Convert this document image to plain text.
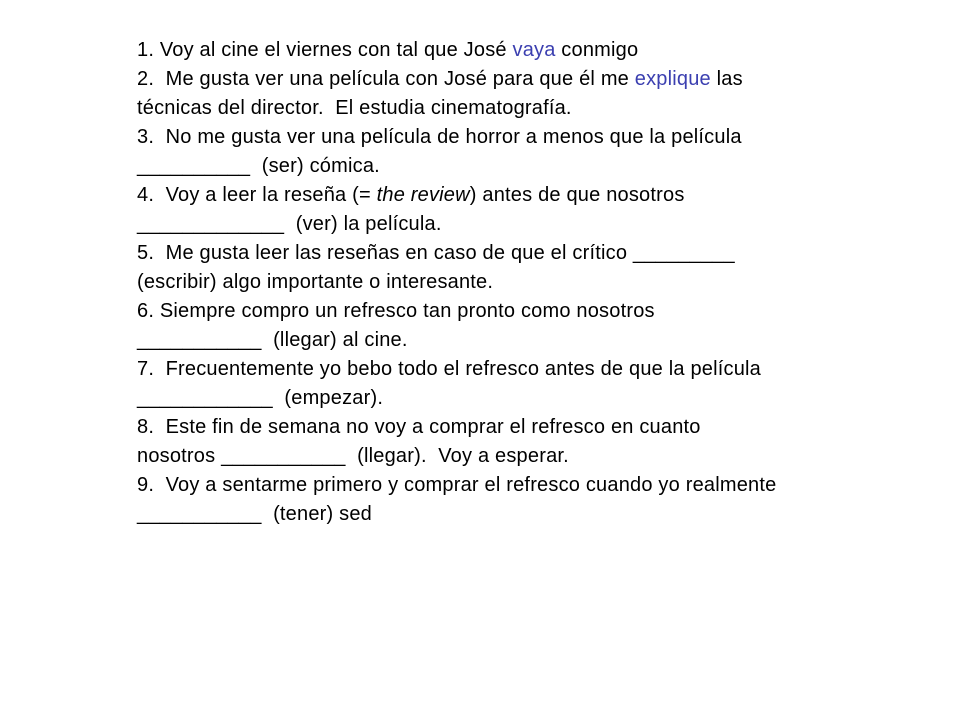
1. Voy al cine el viernes con tal que José vaya conmigo

2.  Me gusta ver una película con José para que él me explique las técnicas del director.  El estudia cinematografía.

3.  No me gusta ver una película de horror a menos que la película __________  (ser) cómica.

4.  Voy a leer la reseña (= the review) antes de que nosotros _____________  (ver) la película.

5.  Me gusta leer las reseñas en caso de que el crítico _________  (escribir) algo importante o interesante.

6. Siempre compro un refresco tan pronto como nosotros ___________  (llegar) al cine.

7.  Frecuentemente yo bebo todo el refresco antes de que la película ____________  (empezar).

8.  Este fin de semana no voy a comprar el refresco en cuanto nosotros ___________  (llegar).  Voy a esperar.

9.  Voy a sentarme primero y comprar el refresco cuando yo realmente ___________  (tener) sed
